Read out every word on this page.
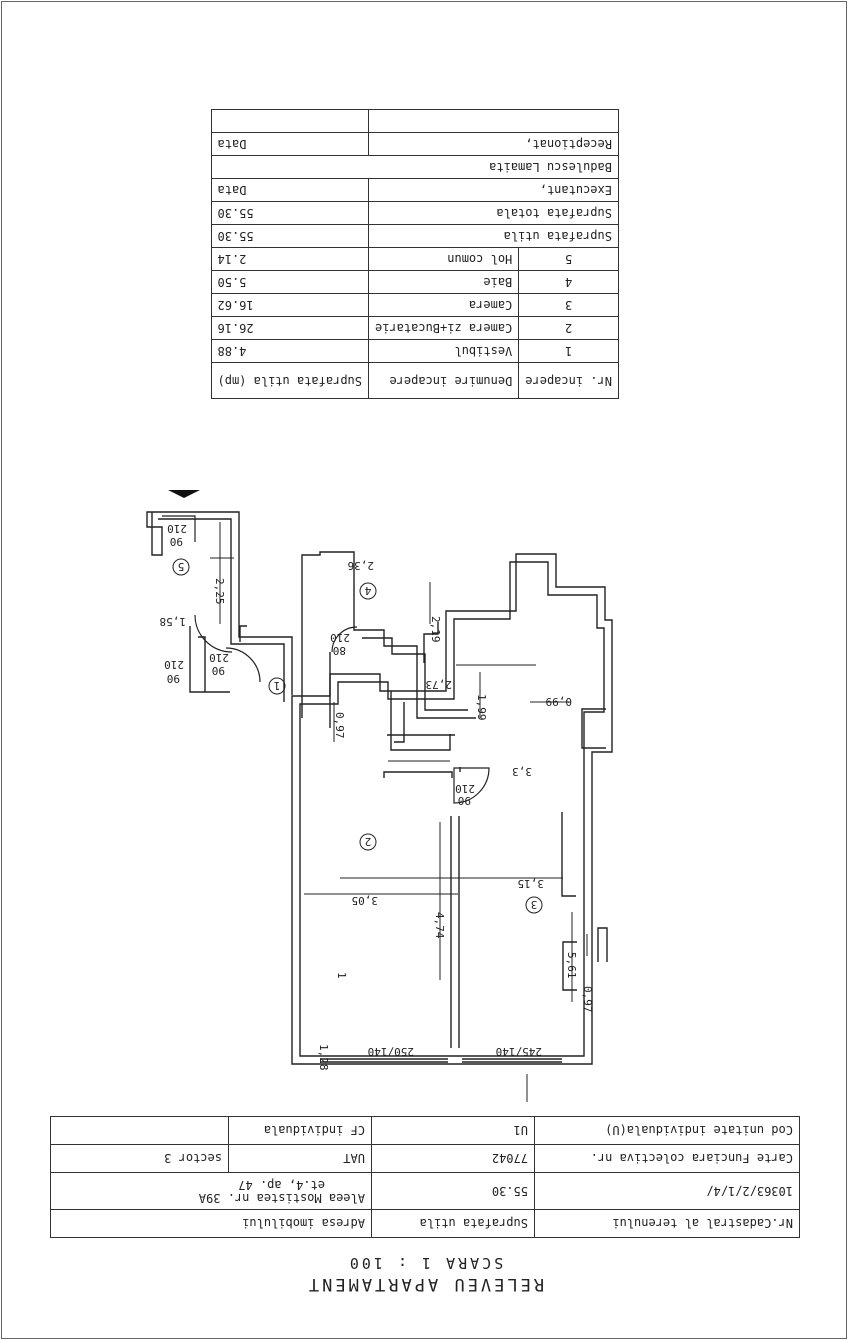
RELEVEU APARTAMENT
SCARA 1 : 100
Nr.Cadastral al terenului	Suprafata utila	Adresa imobilului	
10363/2/1/4/	55.30	Aleea Mostistea nr. 39A
et.4, ap. 47	

Carte Funciara colectiva nr.	77042	UAT	sector 3
Cod unitate individuala(U)	U1	CF individuala	
Nr. incapere	Denumire incapere	Suprafata utila (mp)
1	Vestibul	4.88
2	Camera zi+Bucatarie	26.16
3	Camera	16.62
4	Baie	5.50
5	Hol comun	2.14
Suprafata utila		55.30
Suprafata totala		55.30
Executant,		Data
Badulescu Lamaita		
Receptionat,		Data

1
2
3
4
5
2,25
1,58
2,36
2,19
2,73
0,97
1,99	0,99
3,3
3,05
4,74
3,15
5,61
0,97
1
1,28
90
210
90
210
90
210
80
210
90
210
245/140
250/140
